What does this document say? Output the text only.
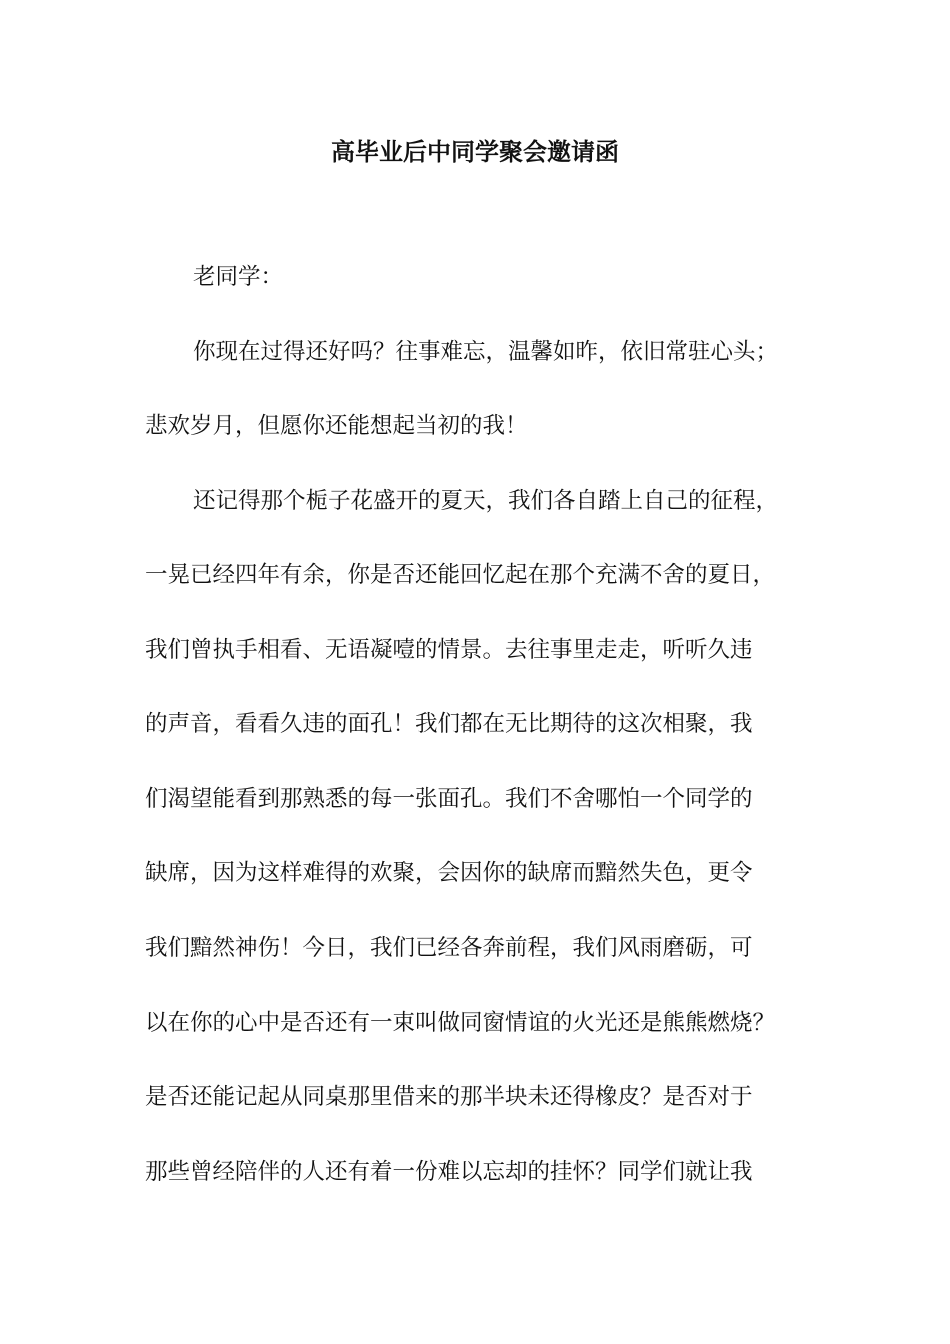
高毕业后中同学聚会邀请函
老同学：
你现在过得还好吗？往事难忘，温馨如昨，依旧常驻心头；
悲欢岁月，但愿你还能想起当初的我！
还记得那个栀子花盛开的夏天，我们各自踏上自己的征程，
一晃已经四年有余，你是否还能回忆起在那个充满不舍的夏日，
我们曾执手相看、无语凝噎的情景。去往事里走走，听听久违
的声音，看看久违的面孔！我们都在无比期待的这次相聚，我
们渴望能看到那熟悉的每一张面孔。我们不舍哪怕一个同学的
缺席，因为这样难得的欢聚，会因你的缺席而黯然失色，更令
我们黯然神伤！今日，我们已经各奔前程，我们风雨磨砺，可
以在你的心中是否还有一束叫做同窗情谊的火光还是熊熊燃烧？
是否还能记起从同桌那里借来的那半块未还得橡皮？是否对于
那些曾经陪伴的人还有着一份难以忘却的挂怀？同学们就让我
